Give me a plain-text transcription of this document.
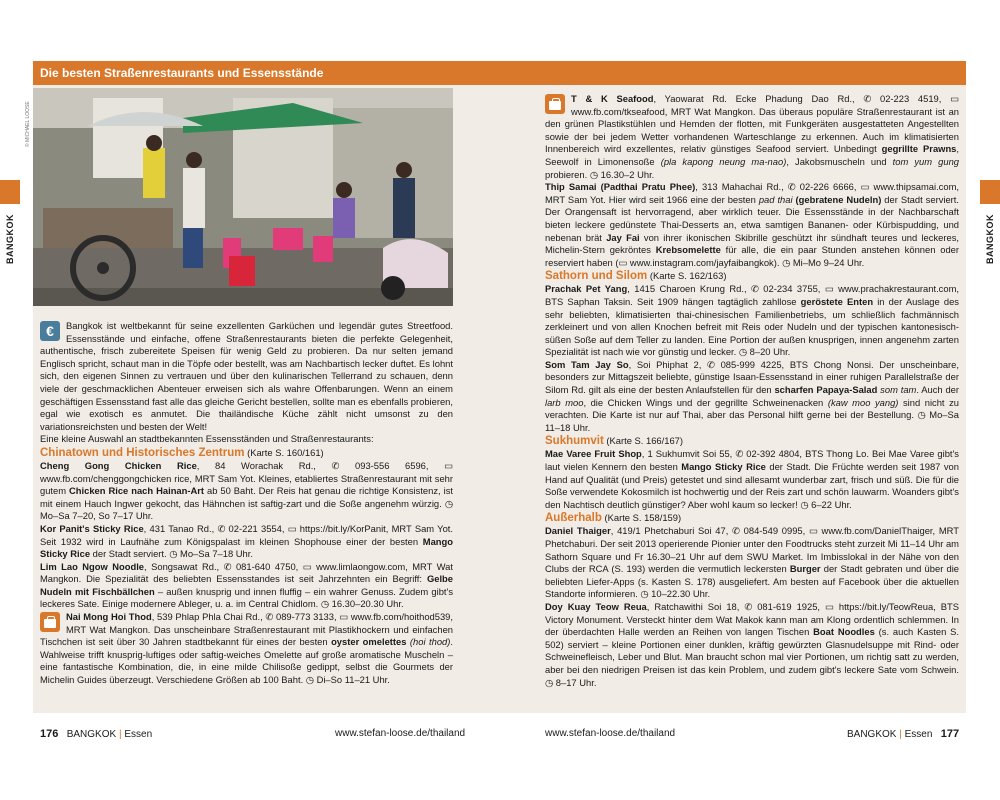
Die besten Straßenrestaurants und Essensstände
BANGKOK	BANGKOK
© MICHAEL LOOSE

€	Bangkok ist weltbekannt für seine exzellenten Garküchen und legendär gutes Streetfood. Essensstände und einfache, offene Straßenrestaurants bieten die perfekte Gelegenheit, authentische, frisch zubereitete Speisen für wenig Geld zu probieren. Da nur selten jemand Englisch spricht, schaut man in die Töpfe oder bestellt, was am Nachbartisch lecker duftet. Es lohnt sich, den eigenen Sinnen zu vertrauen und über den kulinarischen Tellerrand zu schauen, denn viele der geschmacklichen Abenteuer erweisen sich als wahre Offenbarungen. Wenn an einem geschäftigen Essensstand fast alle das gleiche Gericht bestellen, sollte man es ebenfalls probieren, egal wie exotisch es anmutet. Die thailändische Küche zählt nicht umsonst zu den variationsreichsten und besten der Welt!

Eine kleine Auswahl an stadtbekannten Essensständen und Straßenrestaurants:

Chinatown und Historisches Zentrum (Karte S. 160/161)

Cheng Gong Chicken Rice, 84 Worachak Rd., ✆ 093-556 6596, ▭ www.fb.com/chenggongchicken rice, MRT Sam Yot. Kleines, etabliertes Straßenrestaurant mit sehr gutem Chicken Rice nach Hainan-Art ab 50 Baht. Der Reis hat genau die richtige Konsistenz, ist mit einem Hauch Ingwer gekocht, das Hähnchen ist saftig-zart und die Soße angenehm würzig. ◷ Mo–Sa 7–20, So 7–17 Uhr.

Kor Panit's Sticky Rice, 431 Tanao Rd., ✆ 02-221 3554, ▭ https://bit.ly/KorPanit, MRT Sam Yot. Seit 1932 wird in Laufnähe zum Königspalast im kleinen Shophouse einer der besten Mango Sticky Rice der Stadt serviert. ◷ Mo–Sa 7–18 Uhr.

Lim Lao Ngow Noodle, Songsawat Rd., ✆ 081-640 4750, ▭ www.limlaongow.com, MRT Wat Mangkon. Die Spezialität des beliebten Essensstandes ist seit Jahrzehnten ein Begriff: Gelbe Nudeln mit Fischbällchen – außen knusprig und innen fluffig – ein wahrer Genuss. Zudem gibt's leckeres Sate. Einige modernere Ableger, u. a. im Central Chidlom. ◷ 16.30–20.30 Uhr.

Nai Mong Hoi Thod, 539 Phlap Phla Chai Rd., ✆ 089-773 3133, ▭ www.fb.com/hoithod539, MRT Wat Mangkon. Das unscheinbare Straßenrestaurant mit Plastikhockern und einfachen Tischchen ist seit über 30 Jahren stadtbekannt für eines der besten oyster omelettes (hoi thod). Wahlweise trifft knusprig-luftiges oder saftig-weiches Omelette auf große aromatische Muscheln – eine fantastische Kombination, die, in eine milde Chilisoße gedippt, selbst die Gourmets der Michelin Guides überzeugt. Verschiedene Größen ab 100 Baht. ◷ Di–So 11–21 Uhr.

T & K Seafood, Yaowarat Rd. Ecke Phadung Dao Rd., ✆ 02-223 4519, ▭ www.fb.com/tkseafood, MRT Wat Mangkon. Das überaus populäre Straßenrestaurant ist an den grünen Plastikstühlen und Hemden der flotten, mit Funkgeräten ausgestatteten Angestellten sowie der bei jedem Wetter vorhandenen Warteschlange zu erkennen. Auch im klimatisierten Innenbereich wird exzellentes, relativ günstiges Seafood serviert. Unbedingt gegrillte Prawns, Seewolf in Limonensoße (pla kapong neung ma-nao), Jakobsmuscheln und tom yum gung probieren. ◷ 16.30–2 Uhr.

Thip Samai (Padthai Pratu Phee), 313 Mahachai Rd., ✆ 02-226 6666, ▭ www.thipsamai.com, MRT Sam Yot. Hier wird seit 1966 eine der besten pad thai (gebratene Nudeln) der Stadt serviert. Der Orangensaft ist hervorragend, aber wirklich teuer. Die Essensstände in der Nachbarschaft bieten leckere gedünstete Thai-Desserts an, etwa samtigen Bananen- oder Kürbispudding, und nebenan brät Jay Fai von ihrer ikonischen Skibrille geschützt ihr sündhaft teures und leckeres, Michelin-Stern gekröntes Krebsomelette für alle, die ein paar Stunden anstehen können oder reserviert haben (▭ www.instagram.com/jayfaibangkok). ◷ Mi–Mo 9–24 Uhr.

Sathorn und Silom (Karte S. 162/163)

Prachak Pet Yang, 1415 Charoen Krung Rd., ✆ 02-234 3755, ▭ www.prachakrestaurant.com, BTS Saphan Taksin. Seit 1909 hängen tagtäglich zahllose geröstete Enten in der Auslage des sehr beliebten, klimatisierten thai-chinesischen Familienbetriebs, um schließlich fachmännisch zerkleinert und von allen Knochen befreit mit Reis oder Nudeln und der typischen kantonesisch-süßen Soße auf dem Teller zu landen. Eine Portion der außen knusprigen, innen angenehm zarten Spezialität ist nach wie vor günstig und lecker. ◷ 8–20 Uhr.

Som Tam Jay So, Soi Phiphat 2, ✆ 085-999 4225, BTS Chong Nonsi. Der unscheinbare, besonders zur Mittagszeit beliebte, günstige Isaan-Essensstand in einer ruhigen Parallelstraße der Silom Rd. gilt als eine der besten Anlaufstellen für den scharfen Papaya-Salad som tam. Auch der larb moo, die Chicken Wings und der gegrillte Schweinenacken (kaw moo yang) sind nicht zu verachten. Die Karte ist nur auf Thai, aber das Personal hilft gerne bei der Bestellung. ◷ Mo–Sa 11–18 Uhr.

Sukhumvit (Karte S. 166/167)

Mae Varee Fruit Shop, 1 Sukhumvit Soi 55, ✆ 02-392 4804, BTS Thong Lo. Bei Mae Varee gibt's laut vielen Kennern den besten Mango Sticky Rice der Stadt. Die Früchte werden seit 1987 von Hand auf Qualität (und Preis) getestet und sind allesamt wunderbar zart, frisch und süß. Die für die Soße verwendete Kokosmilch ist hochwertig und der Reis zart und schön lauwarm. Woanders gibt's den Nachtisch deutlich günstiger? Aber wohl kaum so lecker! ◷ 6–22 Uhr.

Außerhalb (Karte S. 158/159)

Daniel Thaiger, 419/1 Phetchaburi Soi 47, ✆ 084-549 0995, ▭ www.fb.com/DanielThaiger, MRT Phetchaburi. Der seit 2013 operierende Pionier unter den Foodtrucks steht zurzeit Mi 11–14 Uhr am Sathorn Square und Fr 16.30–21 Uhr auf dem SWU Market. Im Imbisslokal in der Nähe von den Clubs der RCA (S. 193) werden die vermutlich leckersten Burger der Stadt gebraten und über die beliebten Liefer-Apps (s. Kasten S. 178) ausgeliefert. Am besten auf Facebook über die aktuellen Standorte informieren. ◷ 10–22.30 Uhr.

Doy Kuay Teow Reua, Ratchawithi Soi 18, ✆ 081-619 1925, ▭ https://bit.ly/TeowReua, BTS Victory Monument. Versteckt hinter dem Wat Makok kann man am Klong ordentlich schlemmen. In der überdachten Halle werden an Reihen von langen Tischen Boat Noodles (s. auch Kasten S. 502) serviert – kleine Portionen einer dunklen, kräftig gewürzten Glasnudelsuppe mit Rind- oder Schweinefleisch, Leber und Blut. Man braucht schon mal vier Portionen, um richtig satt zu werden, aber bei den niedrigen Preisen ist das kein Problem, und zudem gibt's leckere Sate vom Schwein. ◷ 8–17 Uhr.

176 BANGKOK | Essen	www.stefan-loose.de/thailand	www.stefan-loose.de/thailand	BANGKOK | Essen 177
